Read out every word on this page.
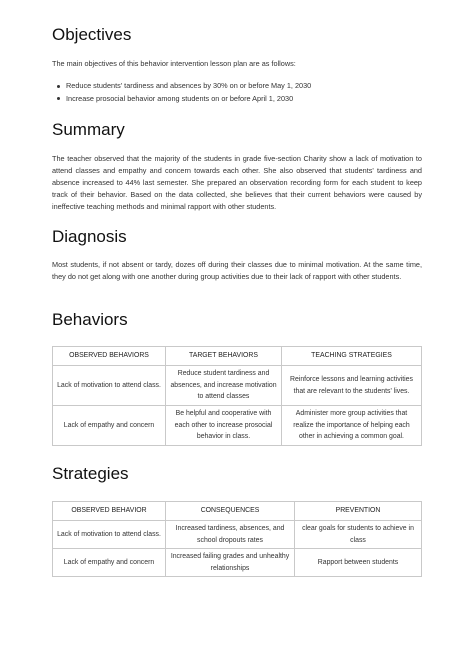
Objectives

The main objectives of this behavior intervention lesson plan are as follows:

Reduce students' tardiness and absences by 30% on or before May 1, 2030
Increase prosocial behavior among students on or before April 1, 2030
Summary

The teacher observed that the majority of the students in grade five-section Charity show a lack of motivation to attend classes and empathy and concern towards each other. She also observed that students' tardiness and absence increased to 44% last semester. She prepared an observation recording form for each student to keep track of their behavior. Based on the data collected, she believes that their current behaviors were caused by ineffective teaching methods and minimal rapport with other students.

Diagnosis

Most students, if not absent or tardy, dozes off during their classes due to minimal motivation. At the same time, they do not get along with one another during group activities due to their lack of rapport with other students.

Behaviors
OBSERVED BEHAVIORS	TARGET BEHAVIORS	TEACHING STRATEGIES
Lack of motivation to attend class.	Reduce student tardiness and absences, and increase motivation to attend classes	Reinforce lessons and learning activities that are relevant to the students' lives.
Lack of empathy and concern	Be helpful and cooperative with each other to increase prosocial behavior in class.	Administer more group activities that realize the importance of helping each other in achieving a common goal.
Strategies
OBSERVED BEHAVIOR	CONSEQUENCES	PREVENTION
Lack of motivation to attend class.	Increased tardiness, absences, and school dropouts rates	clear goals for students to achieve in class
Lack of empathy and concern	Increased failing grades and unhealthy relationships	Rapport between students
